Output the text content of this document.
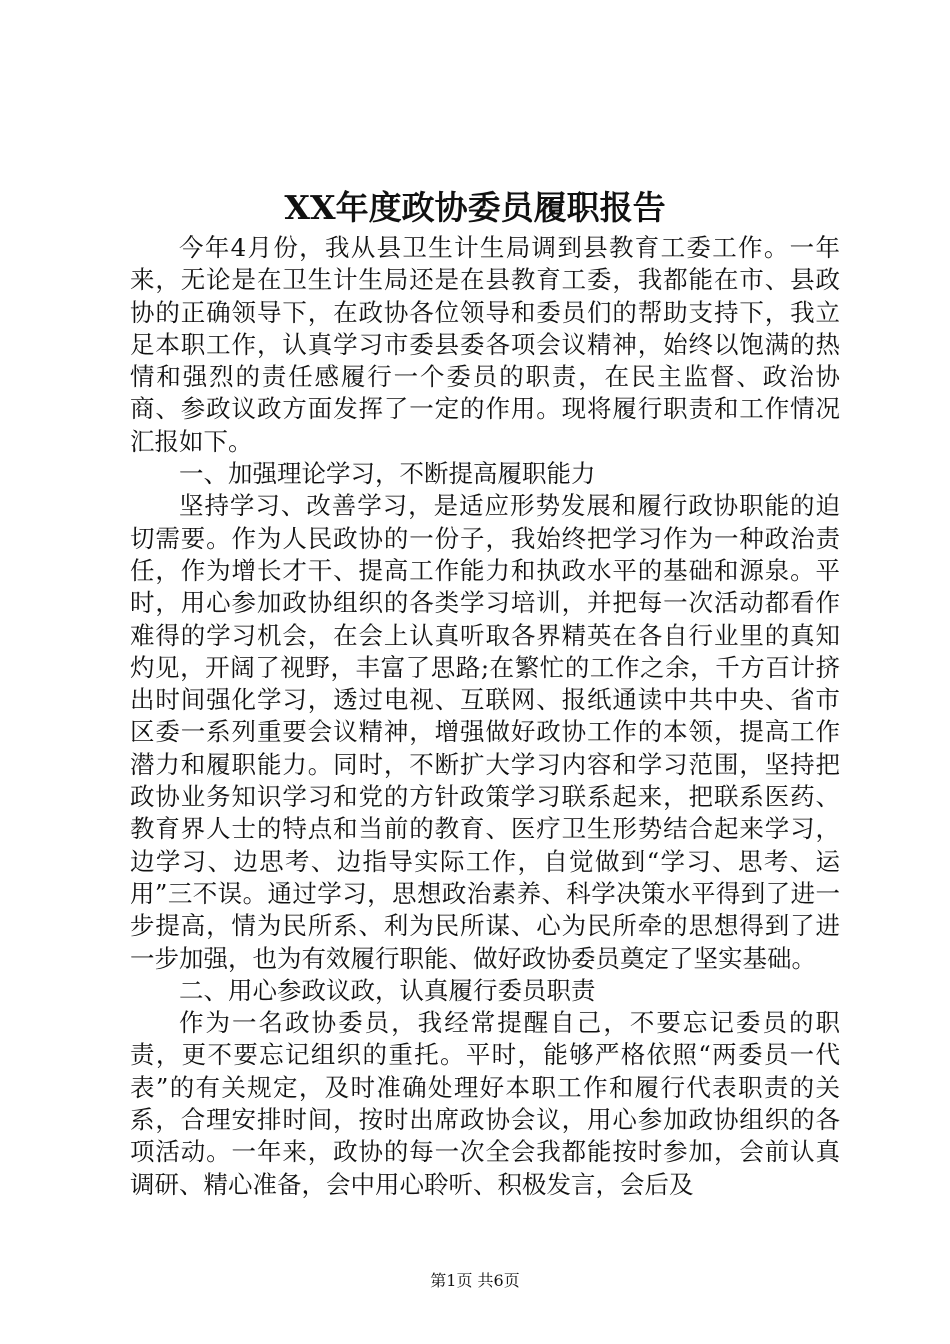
XX年度政协委员履职报告

今年4月份，我从县卫生计生局调到县教育工委工作。一年来，无论是在卫生计生局还是在县教育工委，我都能在市、县政协的正确领导下，在政协各位领导和委员们的帮助支持下，我立足本职工作，认真学习市委县委各项会议精神，始终以饱满的热情和强烈的责任感履行一个委员的职责，在民主监督、政治协商、参政议政方面发挥了一定的作用。现将履行职责和工作情况汇报如下。

一、加强理论学习，不断提高履职能力

坚持学习、改善学习，是适应形势发展和履行政协职能的迫切需要。作为人民政协的一份子，我始终把学习作为一种政治责任，作为增长才干、提高工作能力和执政水平的基础和源泉。平时，用心参加政协组织的各类学习培训，并把每一次活动都看作难得的学习机会，在会上认真听取各界精英在各自行业里的真知灼见，开阔了视野，丰富了思路;在繁忙的工作之余，千方百计挤出时间强化学习，透过电视、互联网、报纸通读中共中央、省市区委一系列重要会议精神，增强做好政协工作的本领，提高工作潜力和履职能力。同时，不断扩大学习内容和学习范围，坚持把政协业务知识学习和党的方针政策学习联系起来，把联系医药、教育界人士的特点和当前的教育、医疗卫生形势结合起来学习，边学习、边思考、边指导实际工作，自觉做到“学习、思考、运用”三不误。通过学习，思想政治素养、科学决策水平得到了进一步提高，情为民所系、利为民所谋、心为民所牵的思想得到了进一步加强，也为有效履行职能、做好政协委员奠定了坚实基础。

二、用心参政议政，认真履行委员职责

作为一名政协委员，我经常提醒自己，不要忘记委员的职责，更不要忘记组织的重托。平时，能够严格依照“两委员一代表”的有关规定，及时准确处理好本职工作和履行代表职责的关系，合理安排时间，按时出席政协会议，用心参加政协组织的各项活动。一年来，政协的每一次全会我都能按时参加，会前认真调研、精心准备，会中用心聆听、积极发言，会后及

第1页 共6页
